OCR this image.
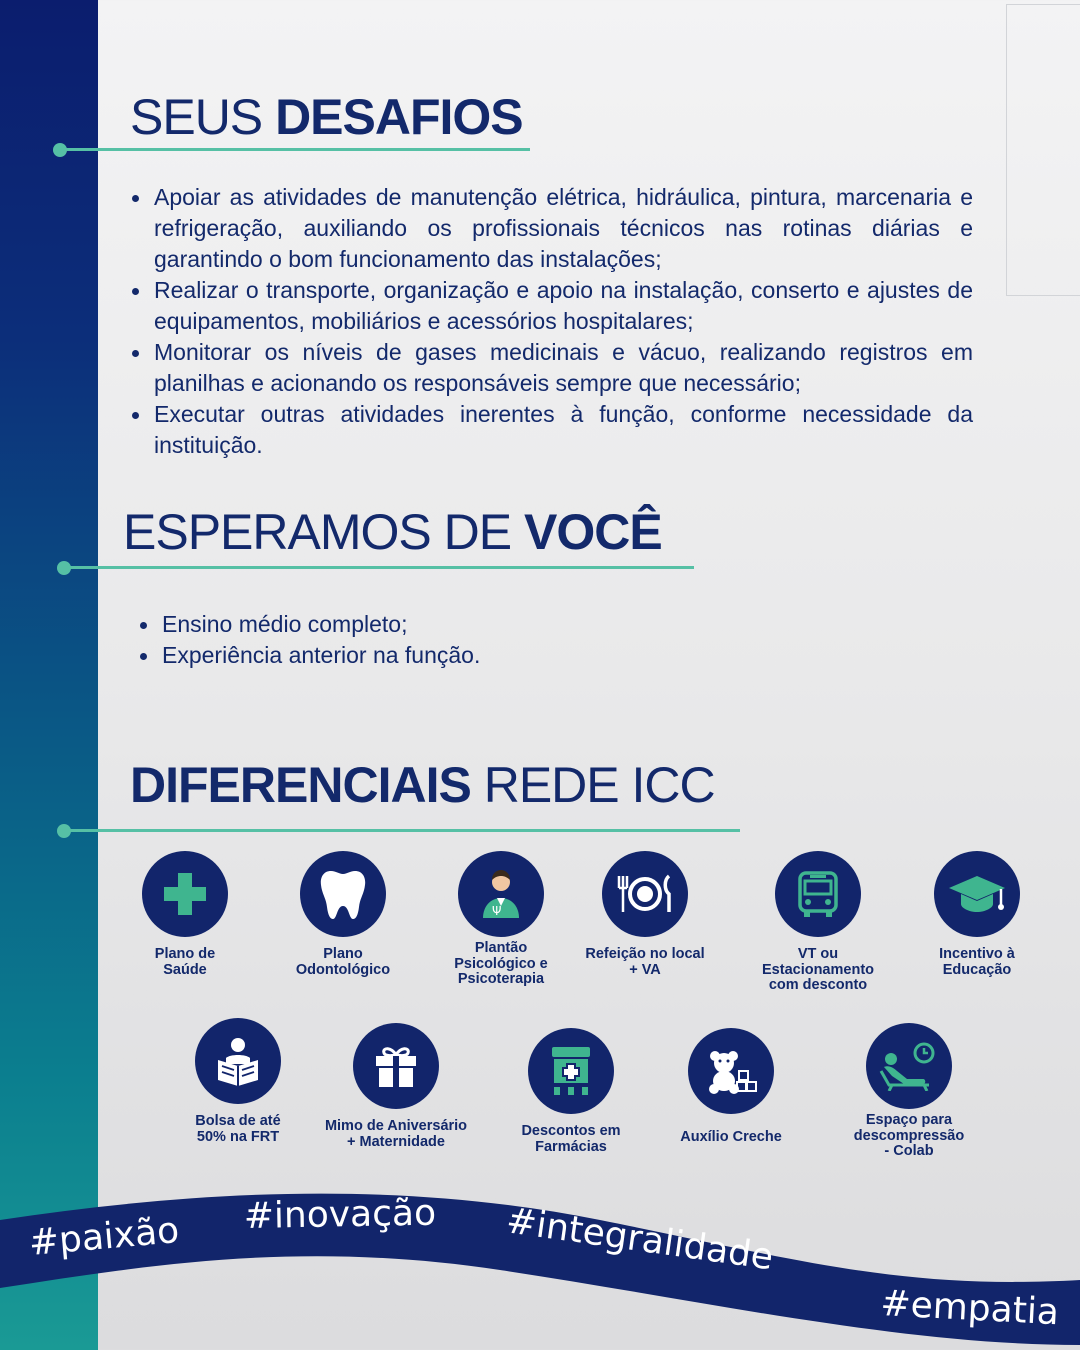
SEUS DESAFIOS
Apoiar as atividades de manutenção elétrica, hidráulica, pintura, marcenaria e refrigeração, auxiliando os profissionais técnicos nas rotinas diárias e garantindo o bom funcionamento das instalações;
Realizar o transporte, organização e apoio na instalação, conserto e ajustes de equipamentos, mobiliários e acessórios hospitalares;
Monitorar os níveis de gases medicinais e vácuo, realizando registros em planilhas e acionando os responsáveis sempre que necessário;
Executar outras atividades inerentes à função, conforme necessidade da instituição.
ESPERAMOS DE VOCÊ
Ensino médio completo;
Experiência anterior na função.
DIFERENCIAIS REDE ICC
Plano de
Saúde
Plano
Odontológico
Ψ
Plantão
Psicológico e
Psicoterapia
Refeição no local
+ VA
VT ou
Estacionamento
com desconto
Incentivo à
Educação
Bolsa de até
50% na FRT
Mimo de Aniversário
+ Maternidade
Descontos em
Farmácias
Auxílio Creche
Espaço para
descompressão
- Colab
#paixão #inovação #integralidade
#empatia
